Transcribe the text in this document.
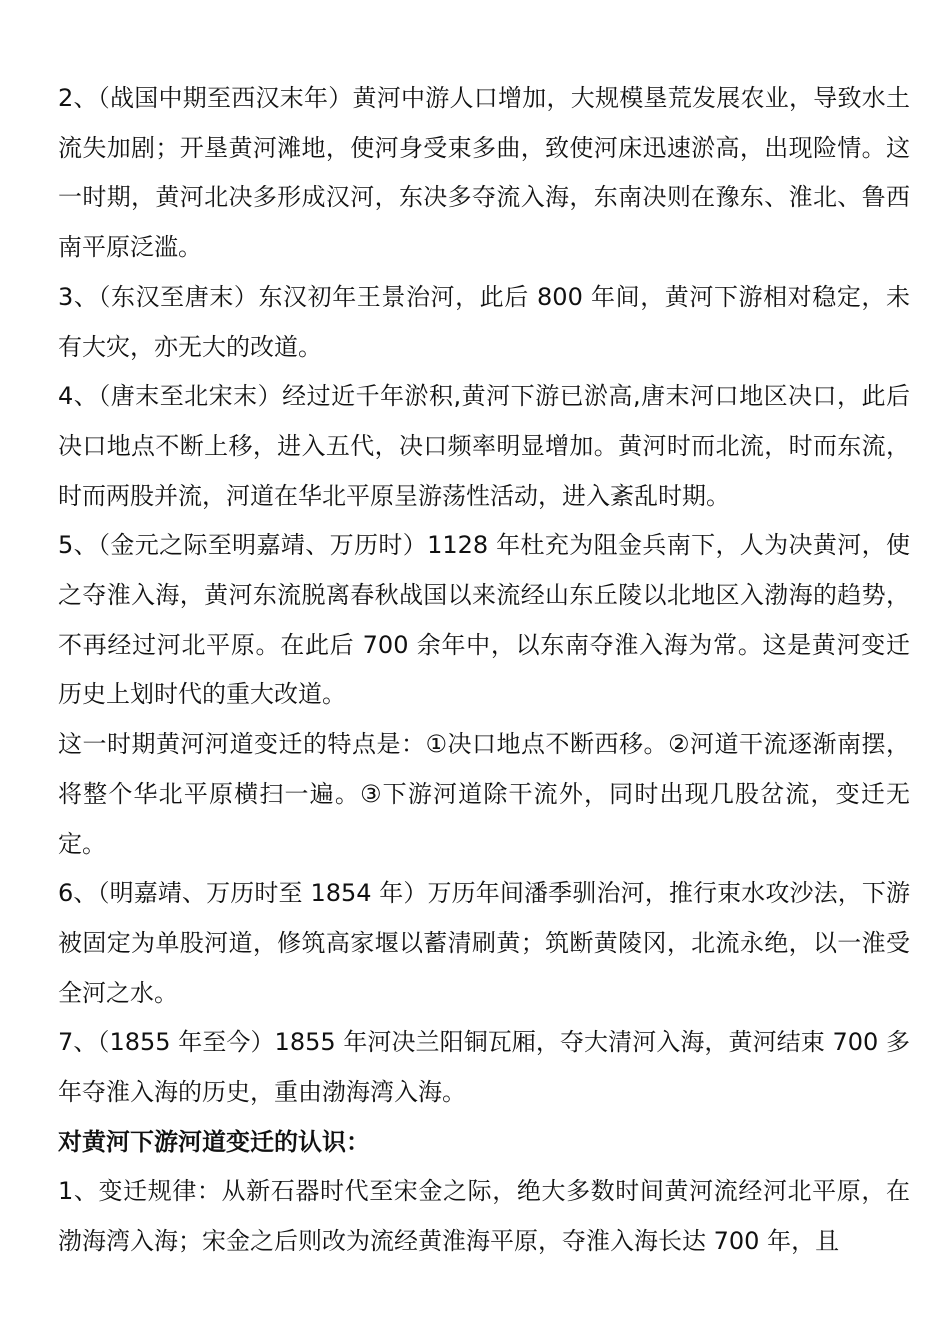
2、（战国中期至西汉末年）黄河中游人口增加，大规模垦荒发展农业，导致水土流失加剧；开垦黄河滩地，使河身受束多曲，致使河床迅速淤高，出现险情。这一时期，黄河北决多形成汉河，东决多夺流入海，东南决则在豫东、淮北、鲁西南平原泛滥。

3、（东汉至唐末）东汉初年王景治河，此后 800 年间，黄河下游相对稳定，未有大灾，亦无大的改道。

4、（唐末至北宋末）经过近千年淤积,黄河下游已淤高,唐末河口地区决口，此后决口地点不断上移，进入五代，决口频率明显增加。黄河时而北流，时而东流，时而两股并流，河道在华北平原呈游荡性活动，进入紊乱时期。

5、（金元之际至明嘉靖、万历时）1128 年杜充为阻金兵南下，人为决黄河，使之夺淮入海，黄河东流脱离春秋战国以来流经山东丘陵以北地区入渤海的趋势，不再经过河北平原。在此后 700 余年中，以东南夺淮入海为常。这是黄河变迁历史上划时代的重大改道。

这一时期黄河河道变迁的特点是：①决口地点不断西移。②河道干流逐渐南摆，将整个华北平原横扫一遍。③下游河道除干流外，同时出现几股岔流，变迁无定。

6、（明嘉靖、万历时至 1854 年）万历年间潘季驯治河，推行束水攻沙法，下游被固定为单股河道，修筑高家堰以蓄清刷黄；筑断黄陵冈，北流永绝，以一淮受全河之水。

7、（1855 年至今）1855 年河决兰阳铜瓦厢，夺大清河入海，黄河结束 700 多年夺淮入海的历史，重由渤海湾入海。

对黄河下游河道变迁的认识：

1、变迁规律：从新石器时代至宋金之际，绝大多数时间黄河流经河北平原，在渤海湾入海；宋金之后则改为流经黄淮海平原，夺淮入海长达 700 年，且
